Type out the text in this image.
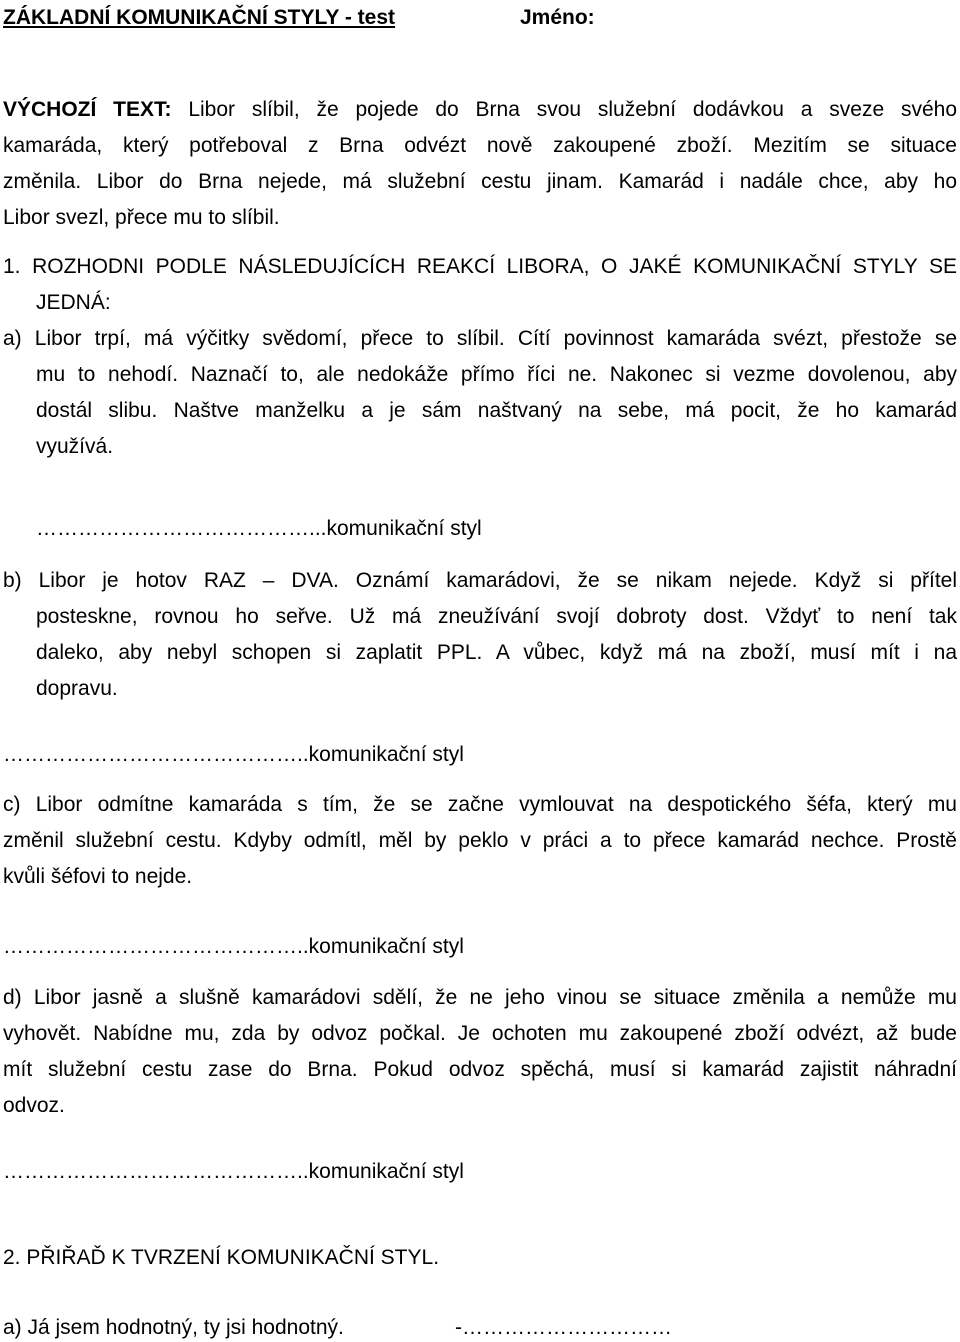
ZÁKLADNÍ KOMUNIKAČNÍ STYLY - test	Jméno:
VÝCHOZÍ TEXT: Libor slíbil, že pojede do Brna svou služební dodávkou a sveze svého
kamaráda, který potřeboval z Brna odvézt nově zakoupené zboží. Mezitím se situace
změnila. Libor do Brna nejede, má služební cestu jinam. Kamarád i nadále chce, aby ho
Libor svezl, přece mu to slíbil.
1. ROZHODNI PODLE NÁSLEDUJÍCÍCH REAKCÍ LIBORA, O JAKÉ KOMUNIKAČNÍ STYLY SE
JEDNÁ:
a) Libor trpí, má výčitky svědomí, přece to slíbil. Cítí povinnost kamaráda svézt, přestože se
mu to nehodí. Naznačí to, ale nedokáže přímo říci ne. Nakonec si vezme dovolenou, aby
dostál slibu. Naštve manželku a je sám naštvaný na sebe, má pocit, že ho kamarád
využívá.
…………………………………...komunikační styl
b) Libor je hotov RAZ – DVA. Oznámí kamarádovi, že se nikam nejede. Když si přítel
posteskne, rovnou ho seřve. Už má zneužívání svojí dobroty dost. Vždyť to není tak
daleko, aby nebyl schopen si zaplatit PPL. A vůbec, když má na zboží, musí mít i na
dopravu.
……………………………………..komunikační styl
c) Libor odmítne kamaráda s tím, že se začne vymlouvat na despotického šéfa, který mu
změnil služební cestu. Kdyby odmítl, měl by peklo v práci a to přece kamarád nechce. Prostě
kvůli šéfovi to nejde.
……………………………………..komunikační styl
d) Libor jasně a slušně kamarádovi sdělí, že ne jeho vinou se situace změnila a nemůže mu
vyhovět. Nabídne mu, zda by odvoz počkal. Je ochoten mu zakoupené zboží odvézt, až bude
mít služební cestu zase do Brna. Pokud odvoz spěchá, musí si kamarád zajistit náhradní
odvoz.
……………………………………..komunikační styl
2. PŘIŘAĎ K TVRZENÍ KOMUNIKAČNÍ STYL.
a) Já jsem hodnotný, ty jsi hodnotný.	-…………………………
